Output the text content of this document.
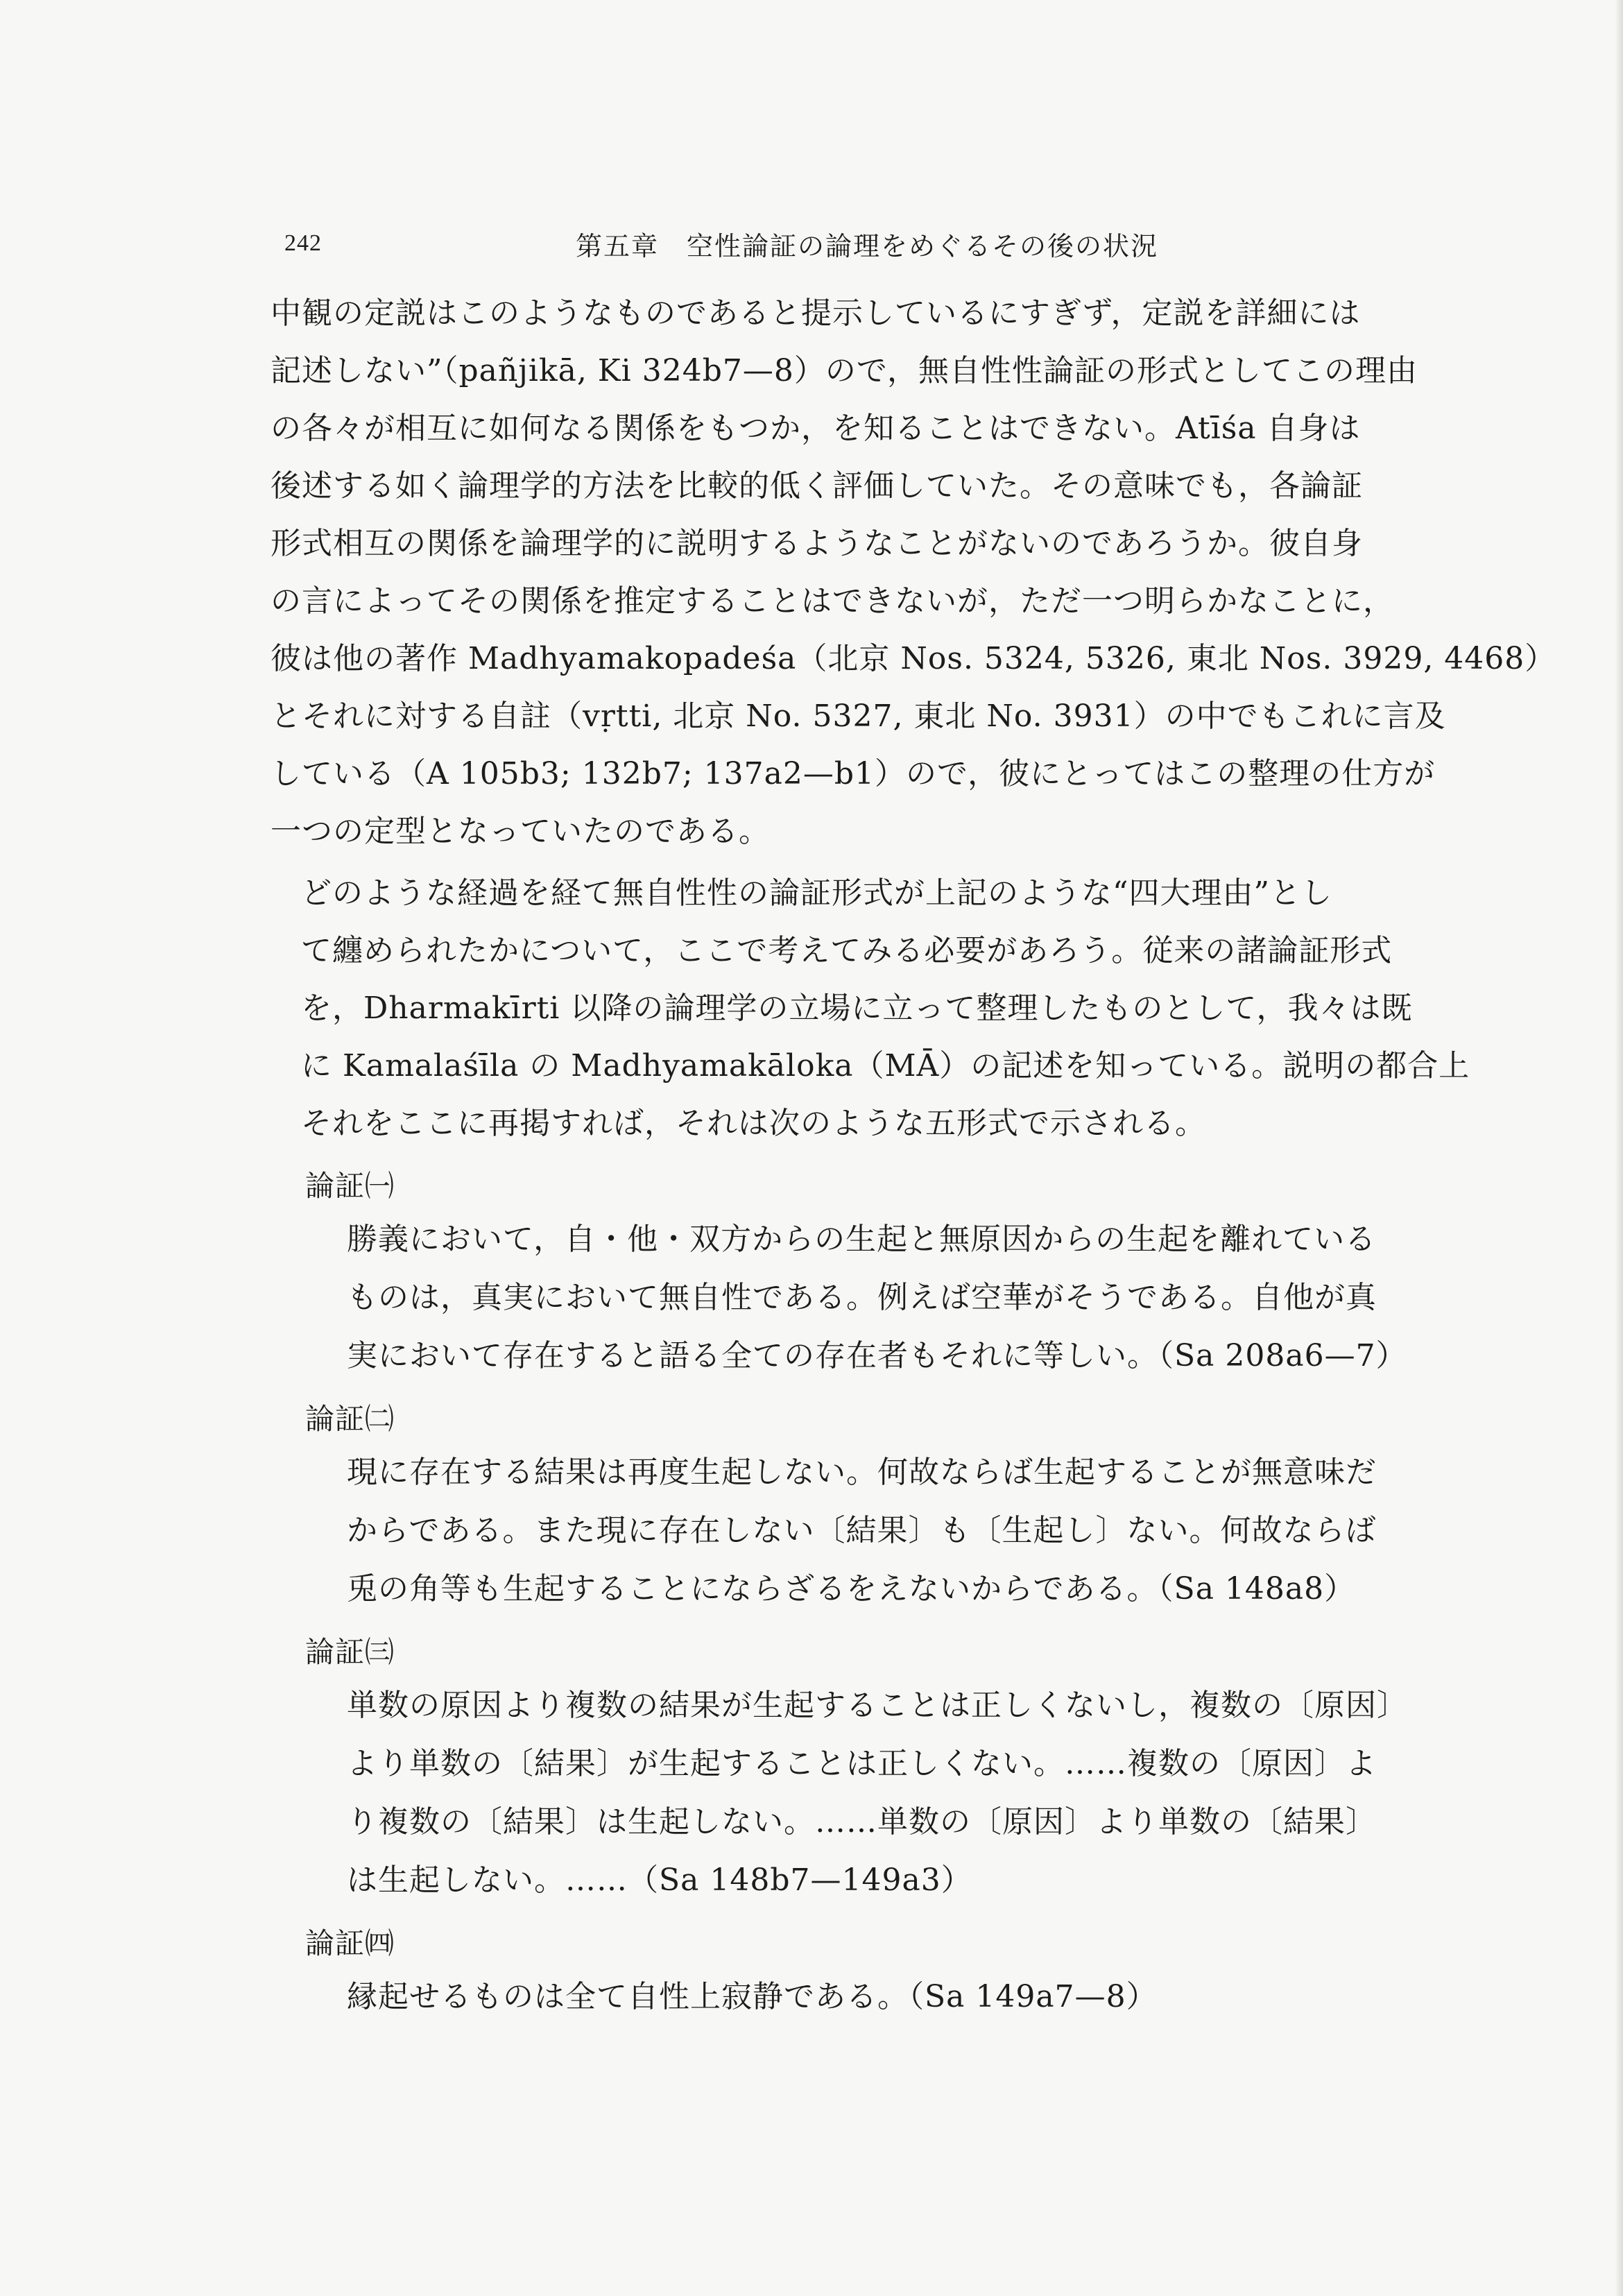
242	第五章　空性論証の論理をめぐるその後の状況

中観の定説はこのようなものであると提示しているにすぎず，定説を詳細には
記述しない”（pañjikā, Ki 324b7—8）ので，無自性性論証の形式としてこの理由
の各々が相互に如何なる関係をもつか，を知ることはできない。Atīśa 自身は
後述する如く論理学的方法を比較的低く評価していた。その意味でも，各論証
形式相互の関係を論理学的に説明するようなことがないのであろうか。彼自身
の言によってその関係を推定することはできないが，ただ一つ明らかなことに，
彼は他の著作 Madhyamakopadeśa（北京 Nos. 5324, 5326, 東北 Nos. 3929, 4468）
とそれに対する自註（vṛtti, 北京 No. 5327, 東北 No. 3931）の中でもこれに言及
している（A 105b3; 132b7; 137a2—b1）ので，彼にとってはこの整理の仕方が
一つの定型となっていたのである。

どのような経過を経て無自性性の論証形式が上記のような“四大理由”とし
て纏められたかについて，ここで考えてみる必要があろう。従来の諸論証形式
を，Dharmakīrti 以降の論理学の立場に立って整理したものとして，我々は既
に Kamalaśīla の Madhyamakāloka（MĀ）の記述を知っている。説明の都合上
それをここに再掲すれば，それは次のような五形式で示される。

論証㈠
勝義において，自・他・双方からの生起と無原因からの生起を離れている
ものは，真実において無自性である。例えば空華がそうである。自他が真
実において存在すると語る全ての存在者もそれに等しい。（Sa 208a6—7）
論証㈡
現に存在する結果は再度生起しない。何故ならば生起することが無意味だ
からである。また現に存在しない〔結果〕も〔生起し〕ない。何故ならば
兎の角等も生起することにならざるをえないからである。（Sa 148a8）
論証㈢
単数の原因より複数の結果が生起することは正しくないし，複数の〔原因〕
より単数の〔結果〕が生起することは正しくない。……複数の〔原因〕よ
り複数の〔結果〕は生起しない。……単数の〔原因〕より単数の〔結果〕
は生起しない。……（Sa 148b7—149a3）
論証㈣
縁起せるものは全て自性上寂静である。（Sa 149a7—8）
